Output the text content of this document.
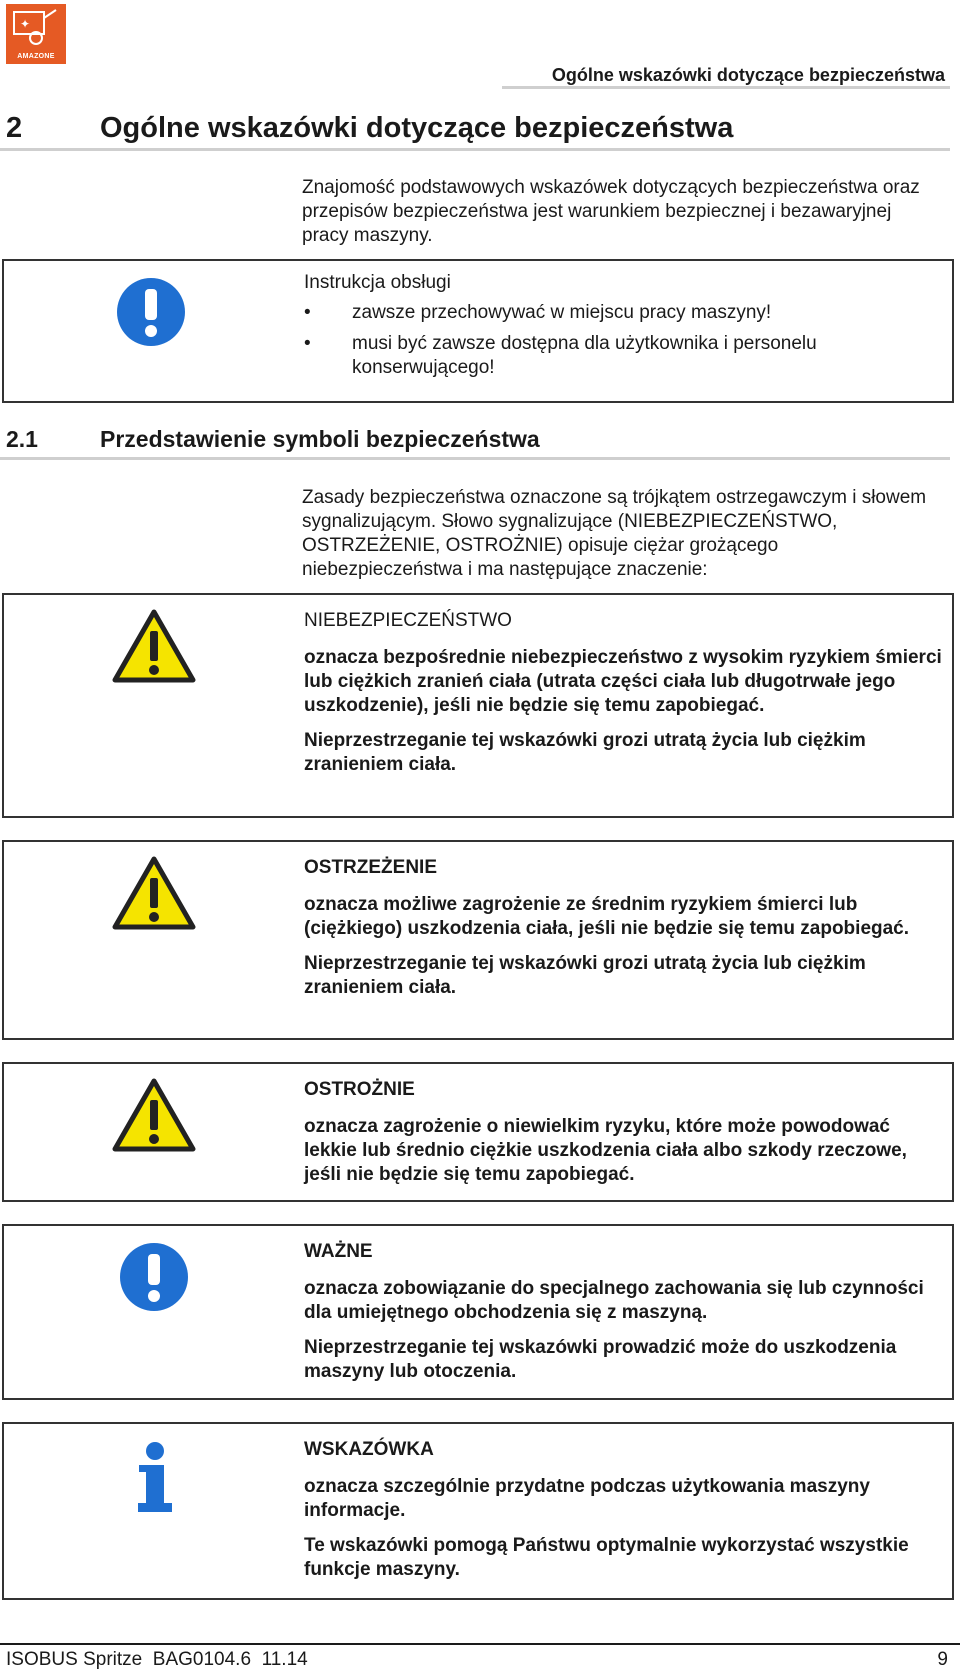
✦
AMAZONE
Ogólne wskazówki dotyczące bezpieczeństwa
2	Ogólne wskazówki dotyczące bezpieczeństwa
Znajomość podstawowych wskazówek dotyczących bezpieczeństwa oraz przepisów bezpieczeństwa jest warunkiem bezpiecznej i bezawaryjnej pracy maszyny.
Instrukcja obsługi
• zawsze przechowywać w miejscu pracy maszyny!
• musi być zawsze dostępna dla użytkownika i personelu konserwującego!
2.1	Przedstawienie symboli bezpieczeństwa
Zasady bezpieczeństwa oznaczone są trójkątem ostrzegawczym i słowem sygnalizującym. Słowo sygnalizujące (NIEBEZPIECZEŃSTWO, OSTRZEŻENIE, OSTROŻNIE) opisuje ciężar grożącego niebezpieczeństwa i ma następujące znaczenie:
NIEBEZPIECZEŃSTWO

oznacza bezpośrednie niebezpieczeństwo z wysokim ryzykiem śmierci lub ciężkich zranień ciała (utrata części ciała lub długotrwałe jego uszkodzenie), jeśli nie będzie się temu zapobiegać.

Nieprzestrzeganie tej wskazówki grozi utratą życia lub ciężkim zranieniem ciała.

OSTRZEŻENIE

oznacza możliwe zagrożenie ze średnim ryzykiem śmierci lub (ciężkiego) uszkodzenia ciała, jeśli nie będzie się temu zapobiegać.

Nieprzestrzeganie tej wskazówki grozi utratą życia lub ciężkim zranieniem ciała.

OSTROŻNIE

oznacza zagrożenie o niewielkim ryzyku, które może powodować lekkie lub średnio ciężkie uszkodzenia ciała albo szkody rzeczowe, jeśli nie będzie się temu zapobiegać.

WAŻNE

oznacza zobowiązanie do specjalnego zachowania się lub czynności dla umiejętnego obchodzenia się z maszyną.

Nieprzestrzeganie tej wskazówki prowadzić może do uszkodzenia maszyny lub otoczenia.

WSKAZÓWKA

oznacza szczególnie przydatne podczas użytkowania maszyny informacje.

Te wskazówki pomogą Państwu optymalnie wykorzystać wszystkie funkcje maszyny.

ISOBUS Spritze  BAG0104.6  11.14	9
